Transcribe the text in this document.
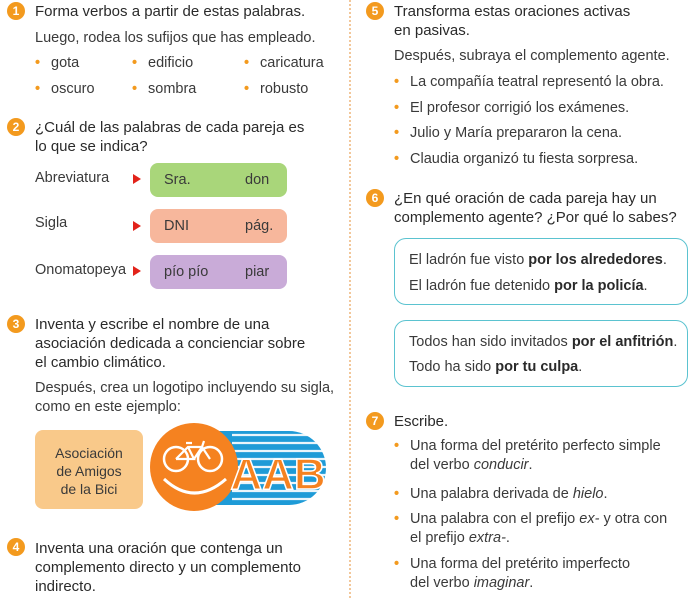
1	Forma verbos a partir de estas palabras.
Luego, rodea los sufijos que has empleado.
• gota	• edificio	• caricatura
• oscuro	• sombra	• robusto
2	¿Cuál de las palabras de cada pareja es
lo que se indica?
Abreviatura	Sra.	don
Sigla	DNI	pág.
Onomatopeya	pío pío	piar
3	Inventa y escribe el nombre de una
asociación dedicada a concienciar sobre
el cambio climático.
Después, crea un logotipo incluyendo su sigla,
como en este ejemplo:
Asociación
de Amigos
de la Bici	AAB
4	Inventa una oración que contenga un
complemento directo y un complemento
indirecto.
5	Transforma estas oraciones activas
en pasivas.
Después, subraya el complemento agente.
• La compañía teatral representó la obra.
• El profesor corrigió los exámenes.
• Julio y María prepararon la cena.
• Claudia organizó tu fiesta sorpresa.
6	¿En qué oración de cada pareja hay un
complemento agente? ¿Por qué lo sabes?
El ladrón fue visto por los alrededores.
El ladrón fue detenido por la policía.
Todos han sido invitados por el anfitrión.
Todo ha sido por tu culpa.
7	Escribe.
• Una forma del pretérito perfecto simple
del verbo conducir.
• Una palabra derivada de hielo.
• Una palabra con el prefijo ex- y otra con
el prefijo extra-.
• Una forma del pretérito imperfecto
del verbo imaginar.
